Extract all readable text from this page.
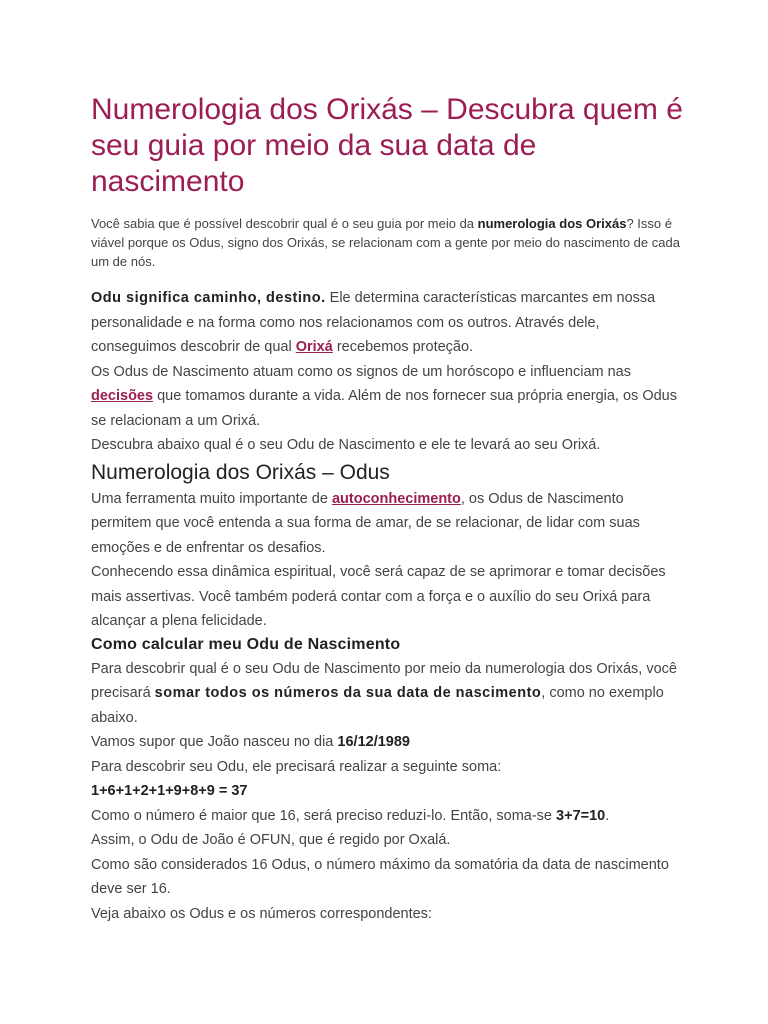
Numerologia dos Orixás – Descubra quem é seu guia por meio da sua data de nascimento

Você sabia que é possível descobrir qual é o seu guia por meio da numerologia dos Orixás? Isso é viável porque os Odus, signo dos Orixás, se relacionam com a gente por meio do nascimento de cada um de nós.

Odu significa caminho, destino. Ele determina características marcantes em nossa personalidade e na forma como nos relacionamos com os outros. Através dele, conseguimos descobrir de qual Orixá recebemos proteção.

Os Odus de Nascimento atuam como os signos de um horóscopo e influenciam nas decisões que tomamos durante a vida. Além de nos fornecer sua própria energia, os Odus se relacionam a um Orixá.

Descubra abaixo qual é o seu Odu de Nascimento e ele te levará ao seu Orixá.

Numerologia dos Orixás – Odus

Uma ferramenta muito importante de autoconhecimento, os Odus de Nascimento permitem que você entenda a sua forma de amar, de se relacionar, de lidar com suas emoções e de enfrentar os desafios.

Conhecendo essa dinâmica espiritual, você será capaz de se aprimorar e tomar decisões mais assertivas. Você também poderá contar com a força e o auxílio do seu Orixá para alcançar a plena felicidade.

Como calcular meu Odu de Nascimento

Para descobrir qual é o seu Odu de Nascimento por meio da numerologia dos Orixás, você precisará somar todos os números da sua data de nascimento, como no exemplo abaixo.

Vamos supor que João nasceu no dia 16/12/1989

Para descobrir seu Odu, ele precisará realizar a seguinte soma:

1+6+1+2+1+9+8+9 = 37

Como o número é maior que 16, será preciso reduzi-lo. Então, soma-se 3+7=10.

Assim, o Odu de João é OFUN, que é regido por Oxalá.

Como são considerados 16 Odus, o número máximo da somatória da data de nascimento deve ser 16.

Veja abaixo os Odus e os números correspondentes:
